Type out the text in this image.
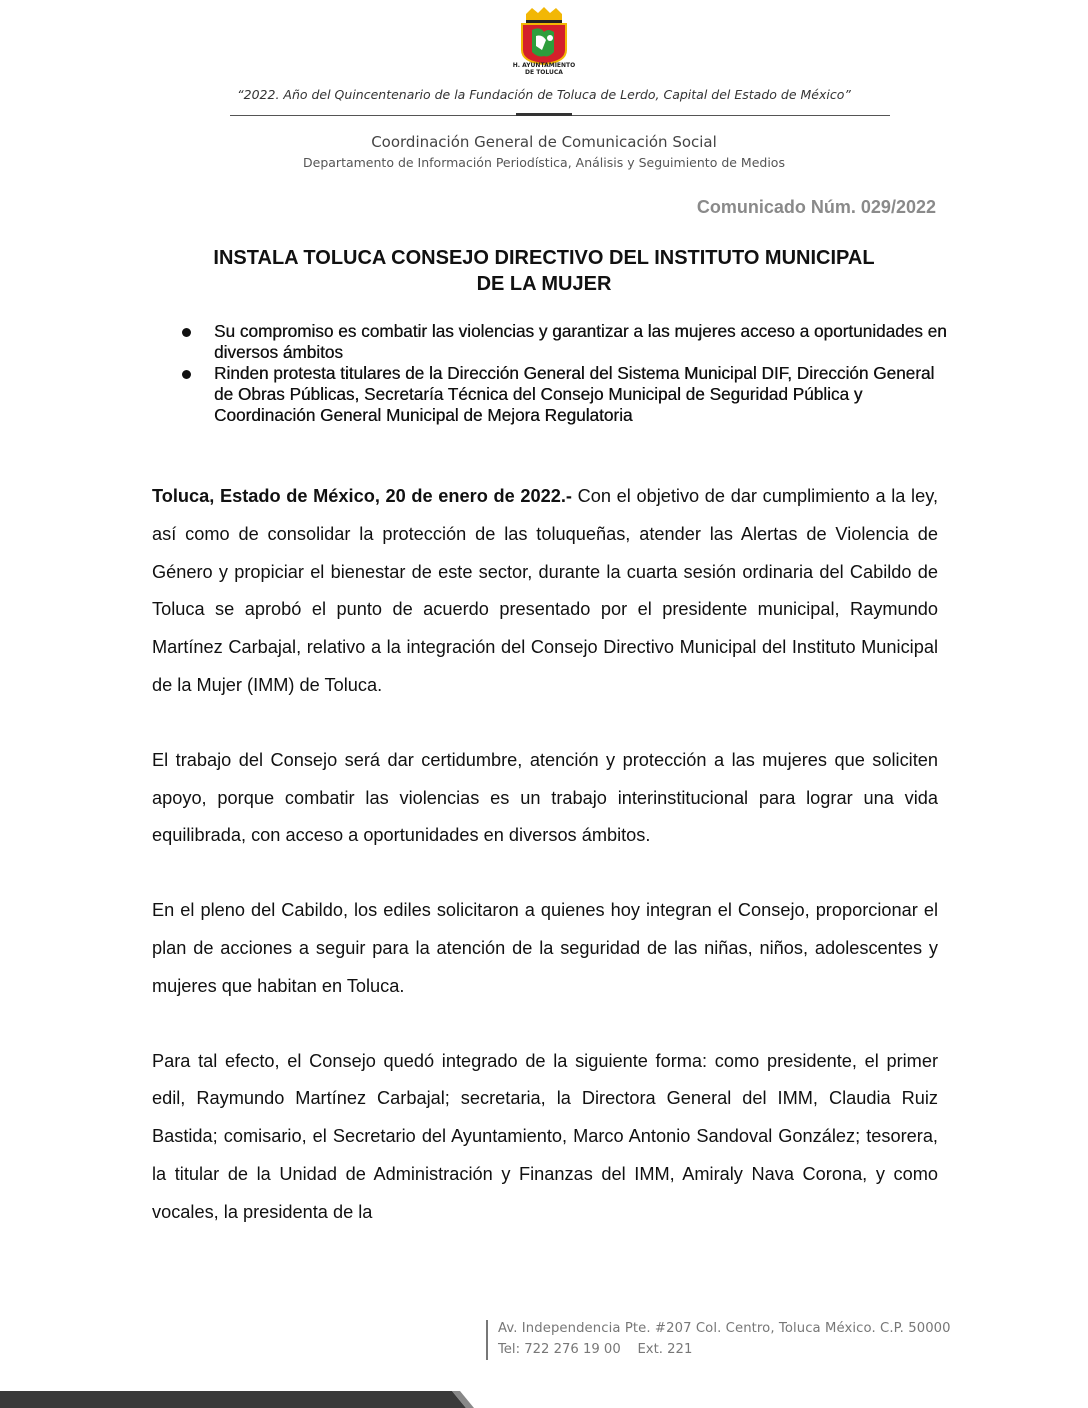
H. AYUNTAMIENTO
DE TOLUCA
“2022. Año del Quincentenario de la Fundación de Toluca de Lerdo, Capital del Estado de México”
Coordinación General de Comunicación Social
Departamento de Información Periodística, Análisis y Seguimiento de Medios
Comunicado Núm. 029/2022
INSTALA TOLUCA CONSEJO DIRECTIVO DEL INSTITUTO MUNICIPAL
DE LA MUJER
Su compromiso es combatir las violencias y garantizar a las mujeres acceso a oportunidades en diversos ámbitos
Rinden protesta titulares de la Dirección General del Sistema Municipal DIF, Dirección General de Obras Públicas, Secretaría Técnica del Consejo Municipal de Seguridad Pública y Coordinación General Municipal de Mejora Regulatoria

Toluca, Estado de México, 20 de enero de 2022.- Con el objetivo de dar cumplimiento a la ley, así como de consolidar la protección de las toluqueñas, atender las Alertas de Violencia de Género y propiciar el bienestar de este sector, durante la cuarta sesión ordinaria del Cabildo de Toluca se aprobó el punto de acuerdo presentado por el presidente municipal, Raymundo Martínez Carbajal, relativo a la integración del Consejo Directivo Municipal del Instituto Municipal de la Mujer (IMM) de Toluca.

El trabajo del Consejo será dar certidumbre, atención y protección a las mujeres que soliciten apoyo, porque combatir las violencias es un trabajo interinstitucional para lograr una vida equilibrada, con acceso a oportunidades en diversos ámbitos.

En el pleno del Cabildo, los ediles solicitaron a quienes hoy integran el Consejo, proporcionar el plan de acciones a seguir para la atención de la seguridad de las niñas, niños, adolescentes y mujeres que habitan en Toluca.

Para tal efecto, el Consejo quedó integrado de la siguiente forma: como presidente, el primer edil, Raymundo Martínez Carbajal; secretaria, la Directora General del IMM, Claudia Ruiz Bastida; comisario, el Secretario del Ayuntamiento, Marco Antonio Sandoval González; tesorera, la titular de la Unidad de Administración y Finanzas del IMM, Amiraly Nava Corona, y como vocales, la presidenta de la

Av. Independencia Pte. #207 Col. Centro, Toluca México. C.P. 50000
Tel: 722 276 19 00    Ext. 221
